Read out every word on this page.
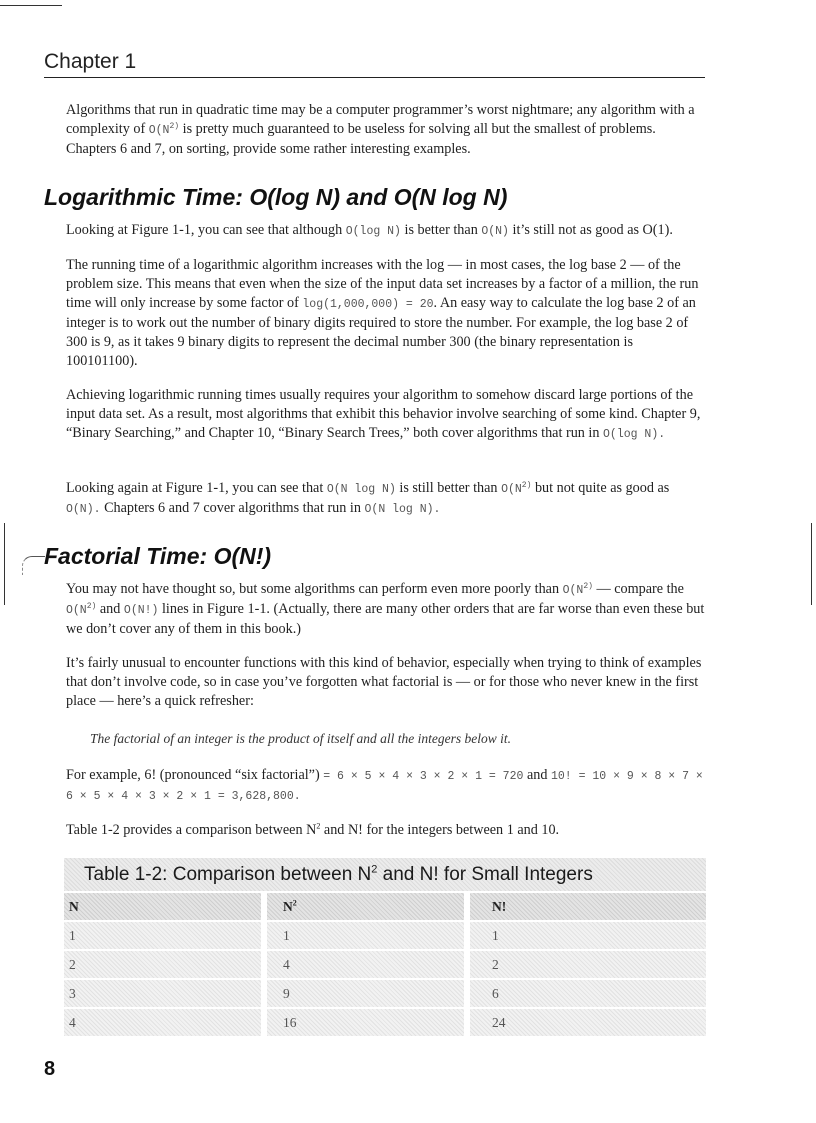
Chapter 1

Algorithms that run in quadratic time may be a computer programmer’s worst nightmare; any algorithm with a complexity of $O(N^{2)}$ is pretty much guaranteed to be useless for solving all but the smallest of problems. Chapters 6 and 7, on sorting, provide some rather interesting examples.

Logarithmic Time: O(log N) and O(N log N)

Looking at Figure 1-1, you can see that although O(log N) is better than O(N) it’s still not as good as O(1).

The running time of a logarithmic algorithm increases with the log — in most cases, the log base 2 — of the problem size. This means that even when the size of the input data set increases by a factor of a million, the run time will only increase by some factor of log(1,000,000) = 20. An easy way to calculate the log base 2 of an integer is to work out the number of binary digits required to store the number. For example, the log base 2 of 300 is 9, as it takes 9 binary digits to represent the decimal number 300 (the binary representation is 100101100).

Achieving logarithmic running times usually requires your algorithm to somehow discard large portions of the input data set. As a result, most algorithms that exhibit this behavior involve searching of some kind. Chapter 9, “Binary Searching,” and Chapter 10, “Binary Search Trees,” both cover algorithms that run in O(log N).

Looking again at Figure 1-1, you can see that O(N log N) is still better than $O(N^{2)}$ but not quite as good as O(N). Chapters 6 and 7 cover algorithms that run in O(N log N).

Factorial Time: O(N!)

You may not have thought so, but some algorithms can perform even more poorly than $O(N^{2)}$ — compare the $O(N^{2)}$ and O(N!) lines in Figure 1-1. (Actually, there are many other orders that are far worse than even these but we don’t cover any of them in this book.)

It’s fairly unusual to encounter functions with this kind of behavior, especially when trying to think of examples that don’t involve code, so in case you’ve forgotten what factorial is — or for those who never knew in the first place — here’s a quick refresher:

The factorial of an integer is the product of itself and all the integers below it.

For example, 6! (pronounced “six factorial”) = 6 × 5 × 4 × 3 × 2 × 1 = 720 and 10! = 10 × 9 × 8 × 7 × 6 × 5 × 4 × 3 × 2 × 1 = 3,628,800.

Table 1-2 provides a comparison between $N^2$ and N! for the integers between 1 and 10.

Table 1-2: Comparison between $N^2$ and N! for Small Integers
N	$N^2$	N!
1	1	1
2	4	2
3	9	6
4	16	24
8
